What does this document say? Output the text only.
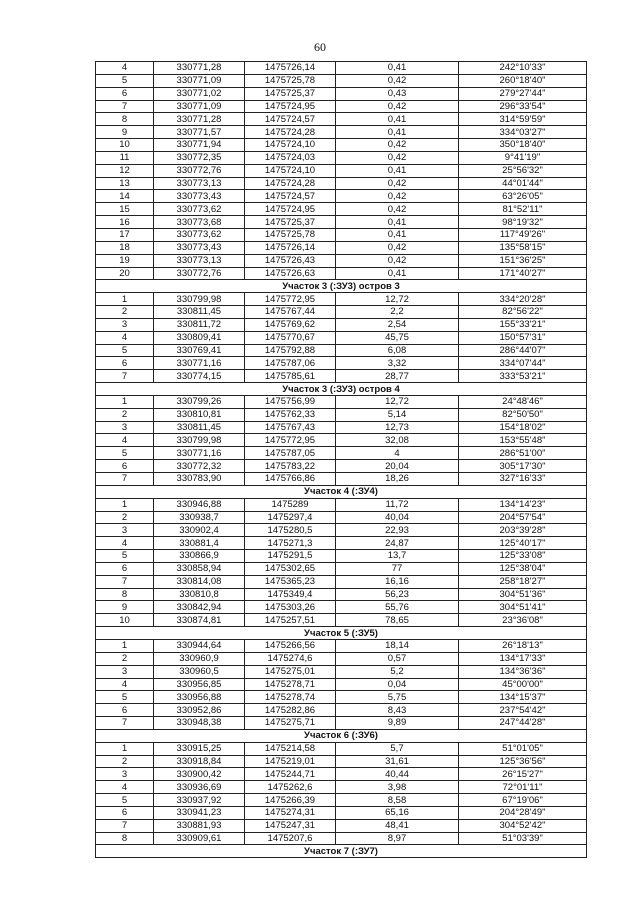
60
4	330771,28	1475726,14	0,41	242°10'33"
5	330771,09	1475725,78	0,42	260°18'40"
6	330771,02	1475725,37	0,43	279°27'44"
7	330771,09	1475724,95	0,42	296°33'54"
8	330771,28	1475724,57	0,41	314°59'59"
9	330771,57	1475724,28	0,41	334°03'27"
10	330771,94	1475724,10	0,42	350°18'40"
11	330772,35	1475724,03	0,42	9°41'19"
12	330772,76	1475724,10	0,41	25°56'32"
13	330773,13	1475724,28	0,42	44°01'44"
14	330773,43	1475724,57	0,42	63°26'05"
15	330773,62	1475724,95	0,42	81°52'11"
16	330773,68	1475725,37	0,41	98°19'32"
17	330773,62	1475725,78	0,41	117°49'26"
18	330773,43	1475726,14	0,42	135°58'15"
19	330773,13	1475726,43	0,42	151°36'25"
20	330772,76	1475726,63	0,41	171°40'27"
Участок 3 (:ЗУ3) остров 3				
1	330799,98	1475772,95	12,72	334°20'28"
2	330811,45	1475767,44	2,2	82°56'22"
3	330811,72	1475769,62	2,54	155°33'21"
4	330809,41	1475770,67	45,75	150°57'31"
5	330769,41	1475792,88	6,08	286°44'07"
6	330771,16	1475787,06	3,32	334°07'44"
7	330774,15	1475785,61	28,77	333°53'21"
Участок 3 (:ЗУ3) остров 4				
1	330799,26	1475756,99	12,72	24°48'46"
2	330810,81	1475762,33	5,14	82°50'50"
3	330811,45	1475767,43	12,73	154°18'02"
4	330799,98	1475772,95	32,08	153°55'48"
5	330771,16	1475787,05	4	286°51'00"
6	330772,32	1475783,22	20,04	305°17'30"
7	330783,90	1475766,86	18,26	327°16'33"
Участок 4 (:ЗУ4)				
1	330946,88	1475289	11,72	134°14'23"
2	330938,7	1475297,4	40,04	204°57'54"
3	330902,4	1475280,5	22,93	203°39'28"
4	330881,4	1475271,3	24,87	125°40'17"
5	330866,9	1475291,5	13,7	125°33'08"
6	330858,94	1475302,65	77	125°38'04"
7	330814,08	1475365,23	16,16	258°18'27"
8	330810,8	1475349,4	56,23	304°51'36"
9	330842,94	1475303,26	55,76	304°51'41"
10	330874,81	1475257,51	78,65	23°36'08"
Участок 5 (:ЗУ5)				
1	330944,64	1475266,56	18,14	26°18'13"
2	330960,9	1475274,6	0,57	134°17'33"
3	330960,5	1475275,01	5,2	134°36'36"
4	330956,85	1475278,71	0,04	45°00'00"
5	330956,88	1475278,74	5,75	134°15'37"
6	330952,86	1475282,86	8,43	237°54'42"
7	330948,38	1475275,71	9,89	247°44'28"
Участок 6 (:ЗУ6)				
1	330915,25	1475214,58	5,7	51°01'05"
2	330918,84	1475219,01	31,61	125°36'56"
3	330900,42	1475244,71	40,44	26°15'27"
4	330936,69	1475262,6	3,98	72°01'11"
5	330937,92	1475266,39	8,58	67°19'06"
6	330941,23	1475274,31	65,16	204°28'49"
7	330881,93	1475247,31	48,41	304°52'42"
8	330909,61	1475207,6	8,97	51°03'39"
Участок 7 (:ЗУ7)				
